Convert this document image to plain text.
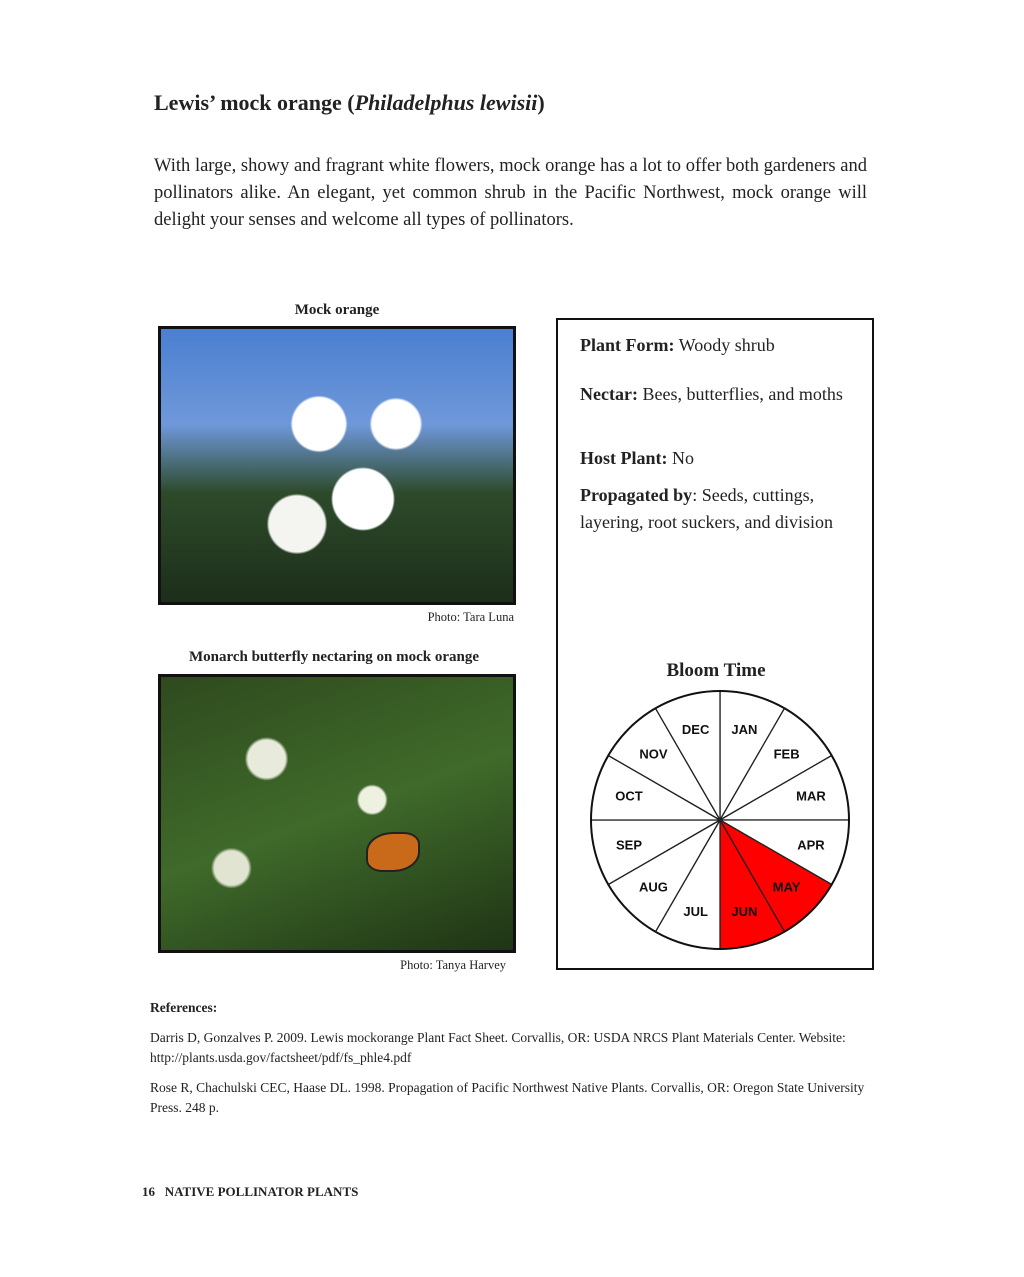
Lewis’ mock orange (Philadelphus lewisii)
With large, showy and fragrant white flowers, mock orange has a lot to offer both gardeners and pollinators alike. An elegant, yet common shrub in the Pacific Northwest, mock orange will delight your senses and welcome all types of pollinators.
Mock orange
Photo: Tara Luna
Monarch butterfly nectaring on mock orange
Photo: Tanya Harvey
Plant Form: Woody shrub
Nectar: Bees, butterflies, and moths
Host Plant: No
Propagated by: Seeds, cuttings, layering, root suckers, and division
Bloom Time
JAN
FEB
MAR
APR
MAY
JUN
JUL
AUG
SEP
OCT
NOV
DEC
References:
Darris D, Gonzalves P. 2009. Lewis mockorange Plant Fact Sheet. Corvallis, OR: USDA NRCS Plant Materials Center. Website: http://plants.usda.gov/factsheet/pdf/fs_phle4.pdf
Rose R, Chachulski CEC, Haase DL. 1998. Propagation of Pacific Northwest Native Plants. Corvallis, OR: Oregon State University Press. 248 p.
16 NATIVE POLLINATOR PLANTS
